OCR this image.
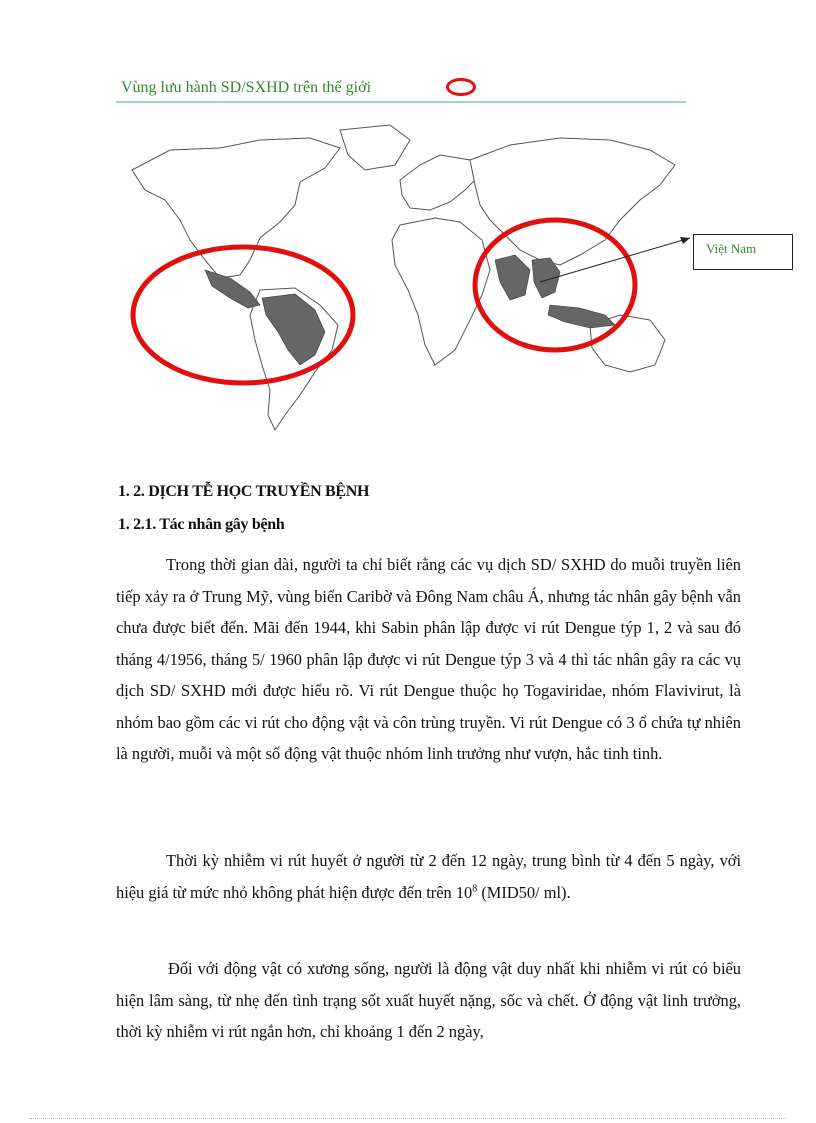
Vùng lưu hành SD/SXHD trên thế giới
Việt Nam
1. 2. DỊCH TỄ HỌC TRUYỀN BỆNH
1. 2.1. Tác nhân gây bệnh

Trong thời gian dài, người ta chỉ biết rằng các vụ dịch SD/ SXHD do muỗi truyền liên tiếp xảy ra ở Trung Mỹ, vùng biển Caribờ và Đông Nam châu Á, nhưng tác nhân gây bệnh vẫn chưa được biết đến. Mãi đến 1944, khi Sabin phân lập được vi rút Dengue týp 1, 2 và sau đó tháng 4/1956, tháng 5/ 1960 phân lập được vi rút Dengue týp 3 và 4 thì tác nhân gây ra các vụ dịch SD/ SXHD mới được hiểu rõ. Vi rút Dengue thuộc họ Togaviridae, nhóm Flavivirut, là nhóm bao gồm các vi rút cho động vật và côn trùng truyền. Vi rút Dengue có 3 ổ chứa tự nhiên là người, muỗi và một số động vật thuộc nhóm linh trưởng như vượn, hắc tinh tinh.

Thời kỳ nhiễm vi rút huyết ở người từ 2 đến 12 ngày, trung bình từ 4 đến 5 ngày, với hiệu giá từ mức nhỏ không phát hiện được đến trên $10^8$ (MID50/ ml).

Đối với động vật có xương sống, người là động vật duy nhất khi nhiễm vi rút có biểu hiện lâm sàng, từ nhẹ đến tình trạng sốt xuất huyết nặng, sốc và chết. Ở động vật linh trưởng, thời kỳ nhiễm vi rút ngắn hơn, chỉ khoảng 1 đến 2 ngày,
